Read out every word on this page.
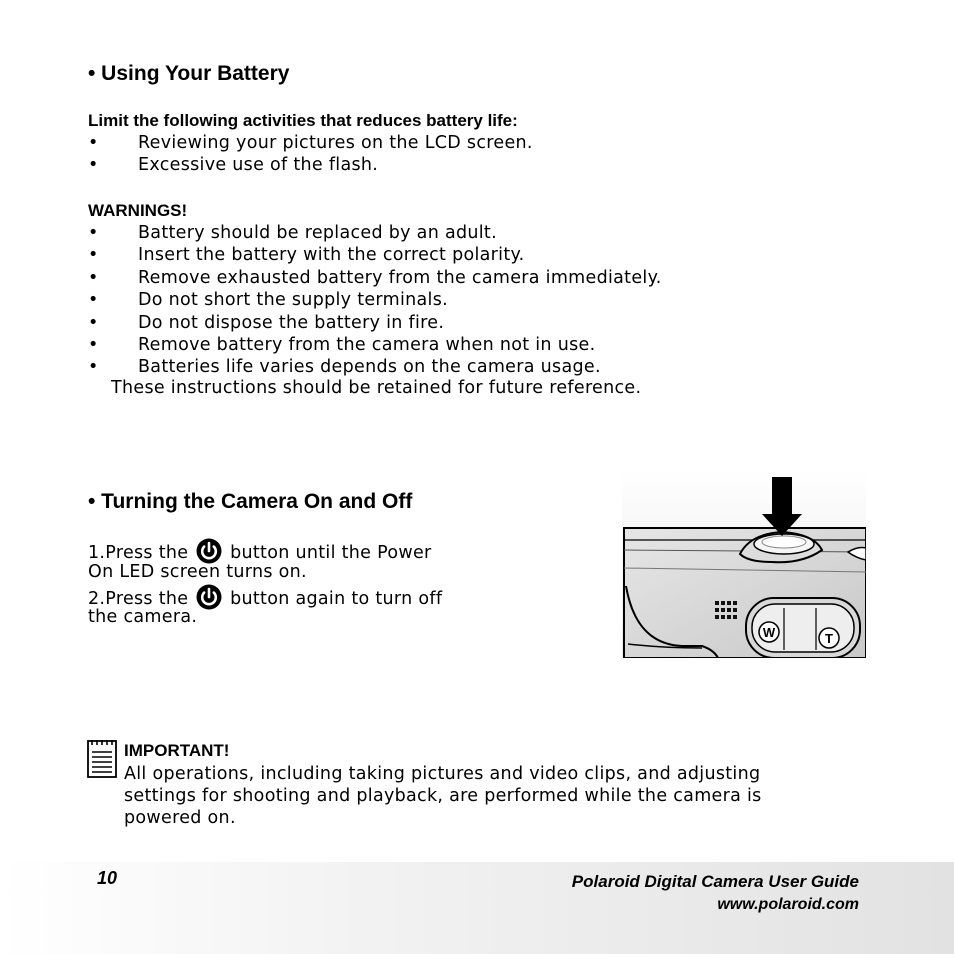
• Using Your Battery
Limit the following activities that reduces battery life:
• Reviewing your pictures on the LCD screen.
• Excessive use of the flash.
WARNINGS!
• Battery should be replaced by an adult.
• Insert the battery with the correct polarity.
• Remove exhausted battery from the camera immediately.
• Do not short the supply terminals.
• Do not dispose the battery in fire.
• Remove battery from the camera when not in use.
• Batteries life varies depends on the camera usage.
These instructions should be retained for future reference.
• Turning the Camera On and Off
1.Press the button until the Power
On LED screen turns on.
2.Press the button again to turn off
the camera.
W	T
IMPORTANT!
All operations, including taking pictures and video clips, and adjusting
settings for shooting and playback, are performed while the camera is
powered on.
10	Polaroid Digital Camera User Guide
www.polaroid.com
